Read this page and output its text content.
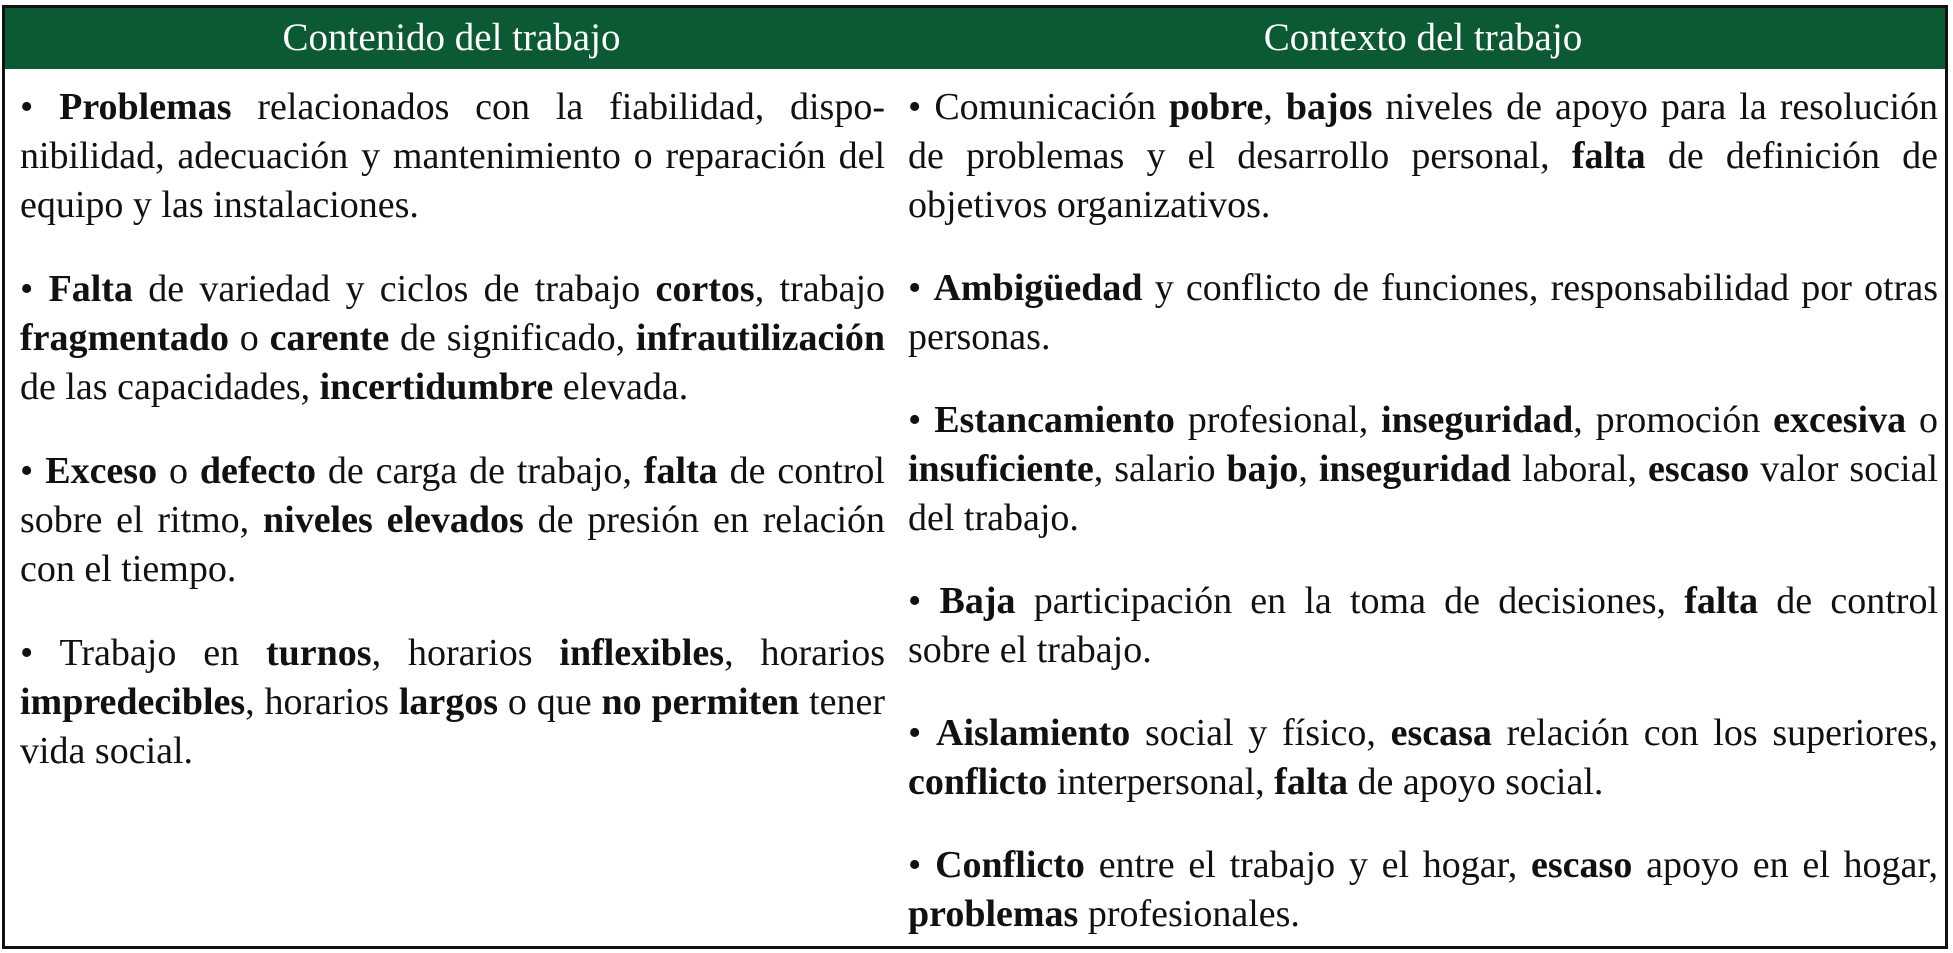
Contenido del trabajo	Contexto del trabajo

• Problemas relacionados con la fiabilidad, disponibilidad, adecuación y mantenimiento o reparación del equipo y las instalaciones.

• Falta de variedad y ciclos de trabajo cortos, trabajo fragmentado o carente de significado, infrautilización de las capacidades, incertidumbre elevada.

• Exceso o defecto de carga de trabajo, falta de control sobre el ritmo, niveles elevados de presión en relación con el tiempo.

• Trabajo en turnos, horarios inflexibles, horarios impredecibles, horarios largos o que no permiten tener vida social.

• Comunicación pobre, bajos niveles de apoyo para la resolución de problemas y el desarrollo personal, falta de definición de objetivos organizativos.

• Ambigüedad y conflicto de funciones, responsabilidad por otras personas.

• Estancamiento profesional, inseguridad, promoción excesiva o insuficiente, salario bajo, inseguridad laboral, escaso valor social del trabajo.

• Baja participación en la toma de decisiones, falta de control sobre el trabajo.

• Aislamiento social y físico, escasa relación con los superiores, conflicto interpersonal, falta de apoyo social.

• Conflicto entre el trabajo y el hogar, escaso apoyo en el hogar, problemas profesionales.
